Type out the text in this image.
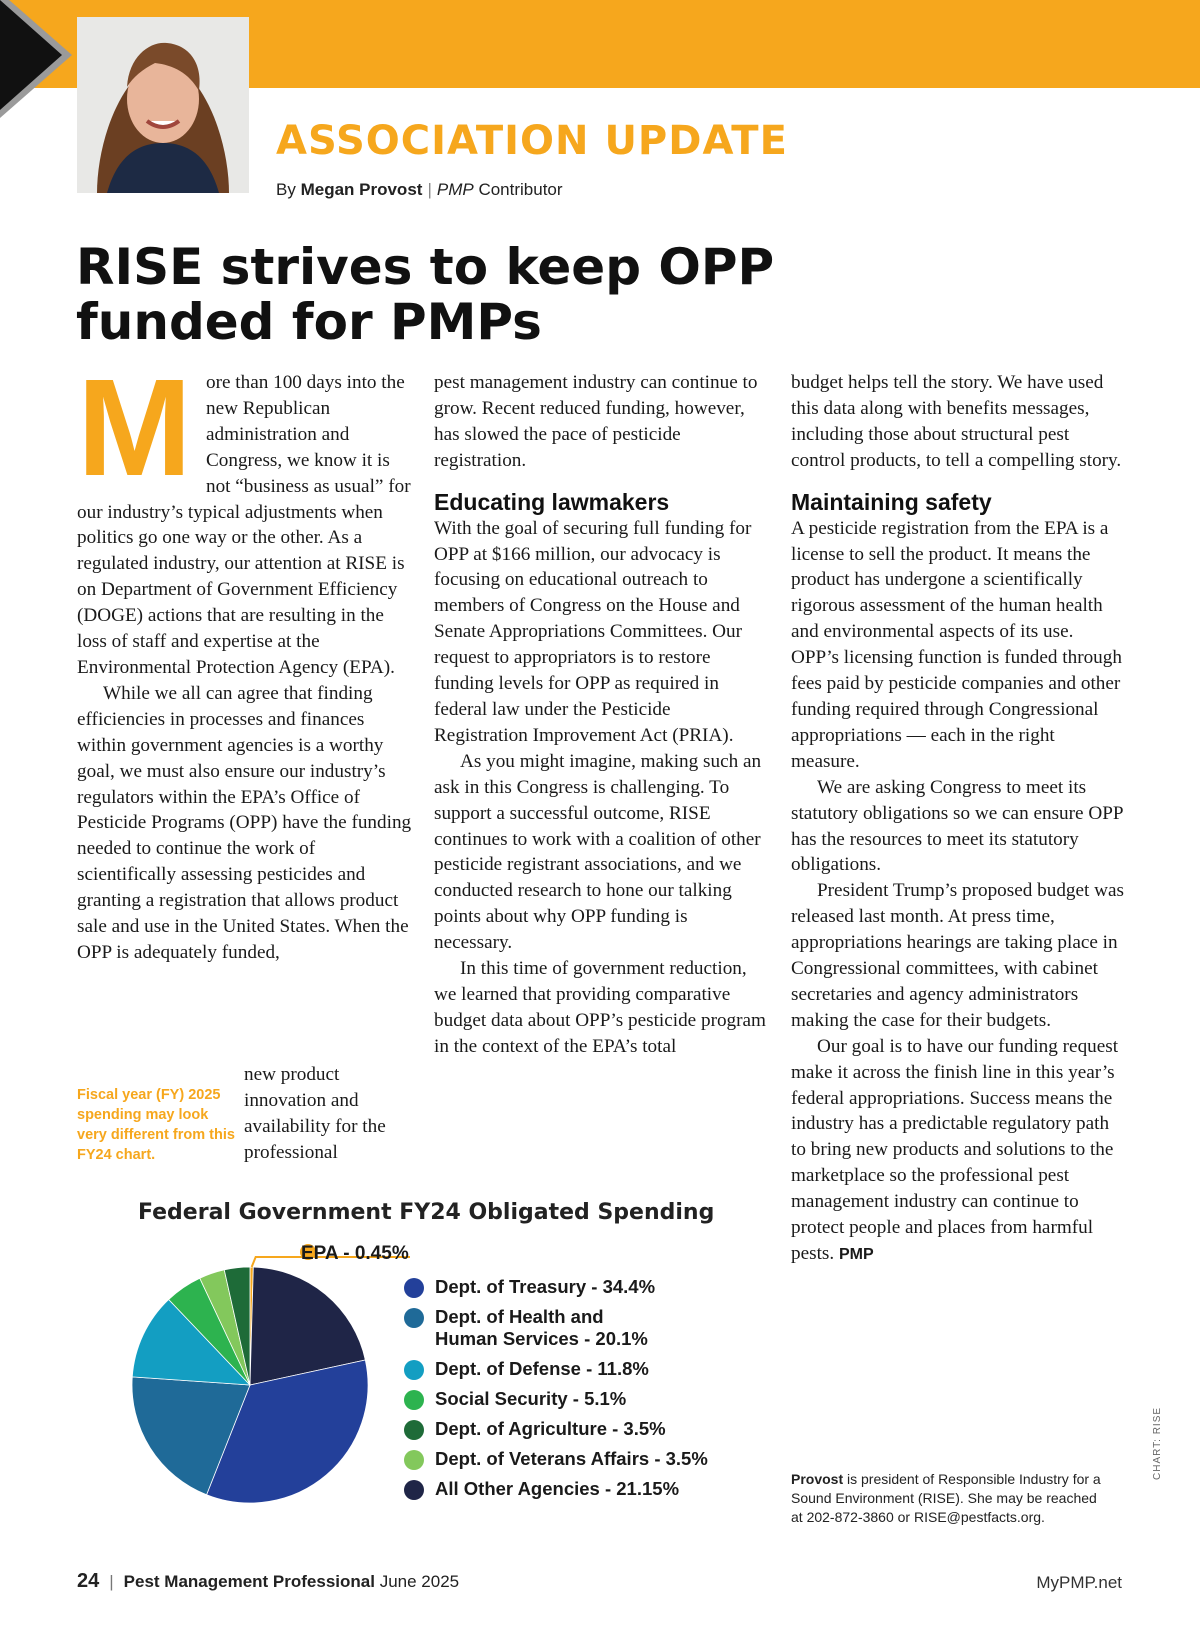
ASSOCIATION UPDATE
By Megan Provost | PMP Contributor
RISE strives to keep OPP funded for PMPs
M ore than 100 days into the new Republican administration and Congress, we know it is not “business as usual” for our industry’s typical adjustments when politics go one way or the other. As a regulated industry, our attention at RISE is on Department of Government Efficiency (DOGE) actions that are resulting in the loss of staff and expertise at the Environmental Protection Agency (EPA).

While we all can agree that finding efficiencies in processes and finances within government agencies is a worthy goal, we must also ensure our industry’s regulators within the EPA’s Office of Pesticide Programs (OPP) have the funding needed to continue the work of scientifically assessing pesticides and granting a registration that allows product sale and use in the United States. When the OPP is adequately funded,

Fiscal year (FY) 2025 spending may look very different from this FY24 chart.
new product innovation and availability for the professional

pest management industry can continue to grow. Recent reduced funding, however, has slowed the pace of pesticide registration.

Educating lawmakers

With the goal of securing full funding for OPP at $166 million, our advocacy is focusing on educational outreach to members of Congress on the House and Senate Appropriations Committees. Our request to appropriators is to restore funding levels for OPP as required in federal law under the Pesticide Registration Improvement Act (PRIA).

As you might imagine, making such an ask in this Congress is challenging. To support a successful outcome, RISE continues to work with a coalition of other pesticide registrant associations, and we conducted research to hone our talking points about why OPP funding is necessary.

In this time of government reduction, we learned that providing comparative budget data about OPP’s pesticide program in the context of the EPA’s total

budget helps tell the story. We have used this data along with benefits messages, including those about structural pest control products, to tell a compelling story.

Maintaining safety

A pesticide registration from the EPA is a license to sell the product. It means the product has undergone a scientifically rigorous assessment of the human health and environmental aspects of its use. OPP’s licensing function is funded through fees paid by pesticide companies and other funding required through Congressional appropriations — each in the right measure.

We are asking Congress to meet its statutory obligations so we can ensure OPP has the resources to meet its statutory obligations.

President Trump’s proposed budget was released last month. At press time, appropriations hearings are taking place in Congressional committees, with cabinet secretaries and agency administrators making the case for their budgets.

Our goal is to have our funding request make it across the finish line in this year’s federal appropriations. Success means the industry has a predictable regulatory path to bring new products and solutions to the marketplace so the professional pest management industry can continue to protect people and places from harmful pests. PMP

Federal Government FY24 Obligated Spending
EPA - 0.45%
Dept. of Treasury - 34.4%
Dept. of Health and
Human Services - 20.1%
Dept. of Defense - 11.8%
Social Security - 5.1%
Dept. of Agriculture - 3.5%
Dept. of Veterans Affairs - 3.5%
All Other Agencies - 21.15%	Provost is president of Responsible Industry for a Sound Environment (RISE). She may be reached at 202-872-3860 or RISE@pestfacts.org.
CHART: RISE
24 | Pest Management Professional June 2025	MyPMP.net
